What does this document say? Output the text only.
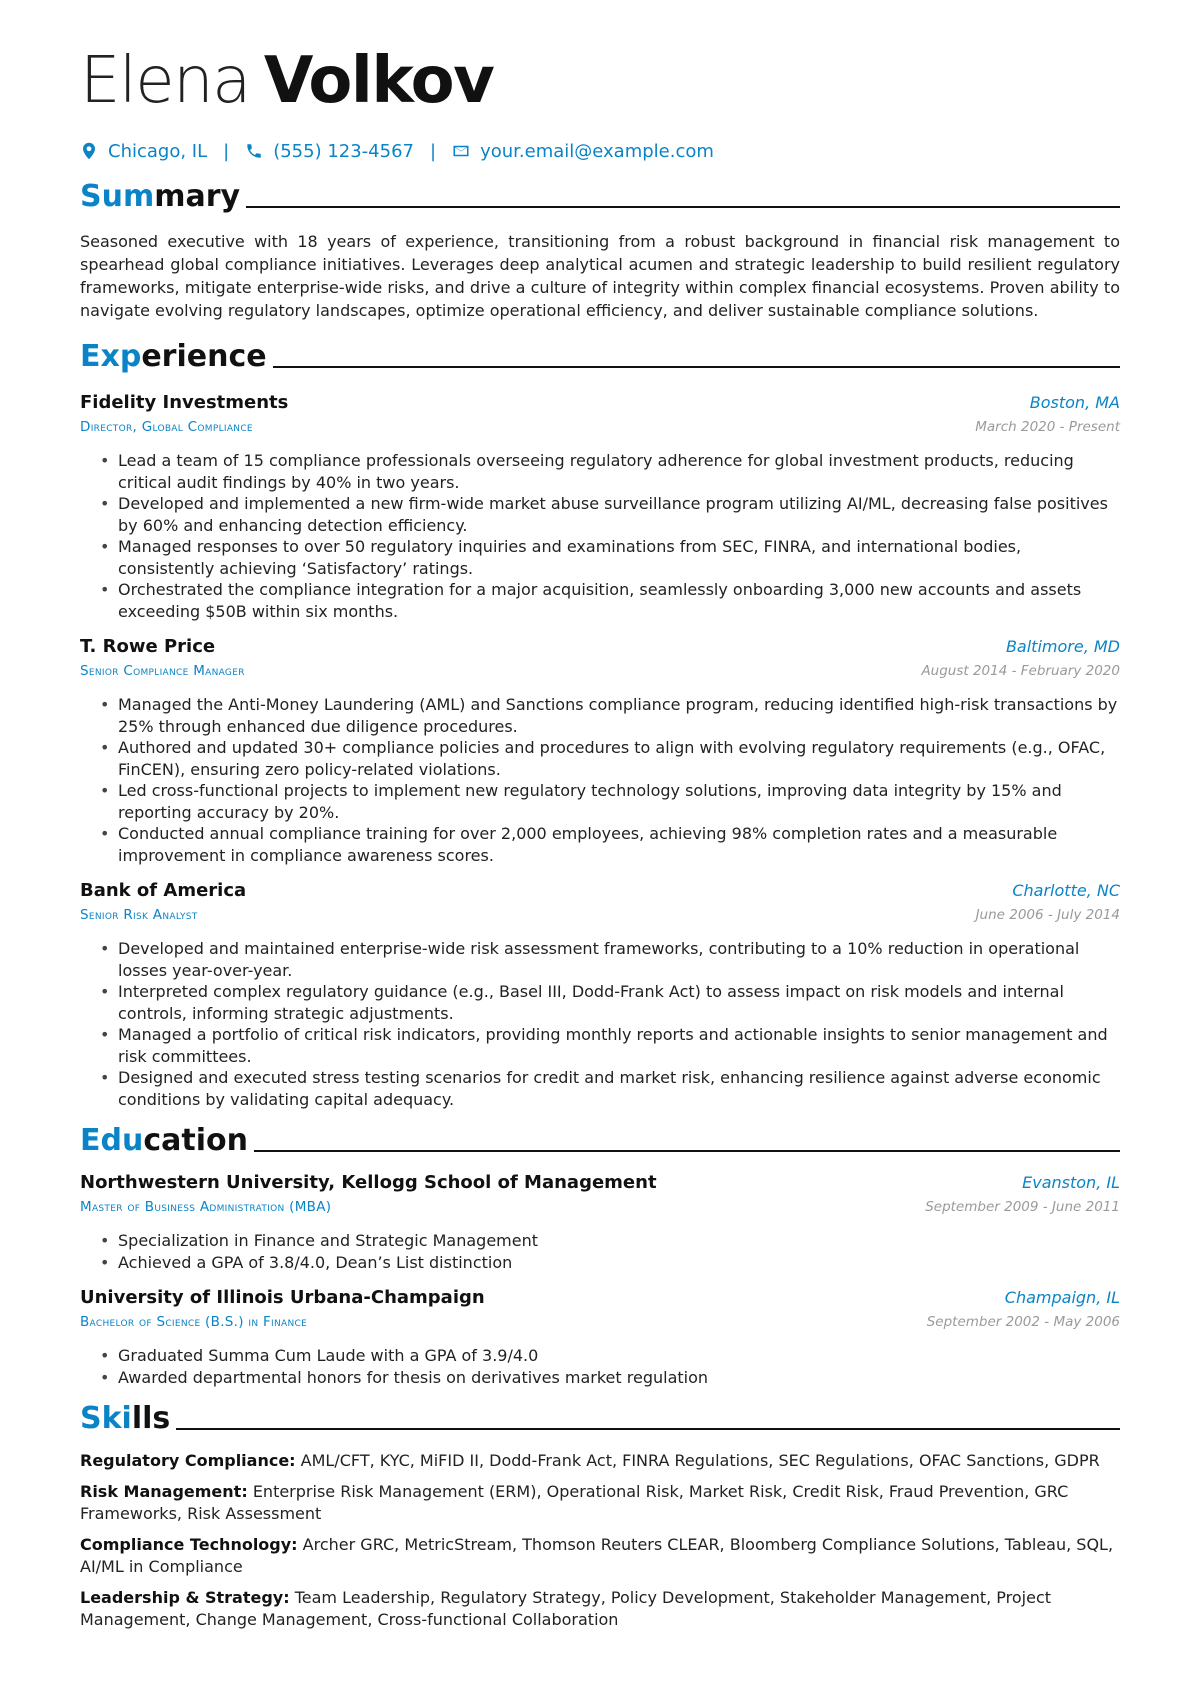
Elena Volkov
Chicago, IL | (555) 123-4567 | your.email@example.com
Summary
Seasoned executive with 18 years of experience, transitioning from a robust background in financial risk management to spearhead global compliance initiatives. Leverages deep analytical acumen and strategic leadership to build resilient regulatory frameworks, mitigate enterprise-wide risks, and drive a culture of integrity within complex financial ecosystems. Proven ability to navigate evolving regulatory landscapes, optimize operational efficiency, and deliver sustainable compliance solutions.
Experience
Fidelity Investments	Boston, MA
Director, Global Compliance	March 2020 - Present
• Lead a team of 15 compliance professionals overseeing regulatory adherence for global investment products, reducing critical audit findings by 40% in two years.
• Developed and implemented a new firm-wide market abuse surveillance program utilizing AI/ML, decreasing false positives by 60% and enhancing detection efficiency.
• Managed responses to over 50 regulatory inquiries and examinations from SEC, FINRA, and international bodies, consistently achieving ‘Satisfactory’ ratings.
• Orchestrated the compliance integration for a major acquisition, seamlessly onboarding 3,000 new accounts and assets exceeding $50B within six months.
T. Rowe Price	Baltimore, MD
Senior Compliance Manager	August 2014 - February 2020
• Managed the Anti-Money Laundering (AML) and Sanctions compliance program, reducing identified high-risk transactions by 25% through enhanced due diligence procedures.
• Authored and updated 30+ compliance policies and procedures to align with evolving regulatory requirements (e.g., OFAC, FinCEN), ensuring zero policy-related violations.
• Led cross-functional projects to implement new regulatory technology solutions, improving data integrity by 15% and reporting accuracy by 20%.
• Conducted annual compliance training for over 2,000 employees, achieving 98% completion rates and a measurable improvement in compliance awareness scores.
Bank of America	Charlotte, NC
Senior Risk Analyst	June 2006 - July 2014
• Developed and maintained enterprise-wide risk assessment frameworks, contributing to a 10% reduction in operational losses year-over-year.
• Interpreted complex regulatory guidance (e.g., Basel III, Dodd-Frank Act) to assess impact on risk models and internal controls, informing strategic adjustments.
• Managed a portfolio of critical risk indicators, providing monthly reports and actionable insights to senior management and risk committees.
• Designed and executed stress testing scenarios for credit and market risk, enhancing resilience against adverse economic conditions by validating capital adequacy.
Education
Northwestern University, Kellogg School of Management	Evanston, IL
Master of Business Administration (MBA)	September 2009 - June 2011
• Specialization in Finance and Strategic Management
• Achieved a GPA of 3.8/4.0, Dean’s List distinction
University of Illinois Urbana-Champaign	Champaign, IL
Bachelor of Science (B.S.) in Finance	September 2002 - May 2006
• Graduated Summa Cum Laude with a GPA of 3.9/4.0
• Awarded departmental honors for thesis on derivatives market regulation
Skills
Regulatory Compliance: AML/CFT, KYC, MiFID II, Dodd-Frank Act, FINRA Regulations, SEC Regulations, OFAC Sanctions, GDPR
Risk Management: Enterprise Risk Management (ERM), Operational Risk, Market Risk, Credit Risk, Fraud Prevention, GRC Frameworks, Risk Assessment
Compliance Technology: Archer GRC, MetricStream, Thomson Reuters CLEAR, Bloomberg Compliance Solutions, Tableau, SQL, AI/ML in Compliance
Leadership & Strategy: Team Leadership, Regulatory Strategy, Policy Development, Stakeholder Management, Project Management, Change Management, Cross-functional Collaboration
